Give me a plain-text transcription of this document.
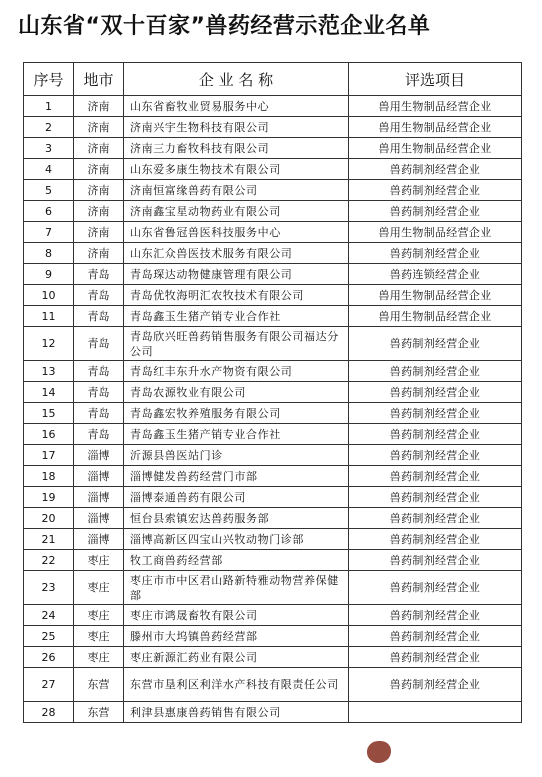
山东省“双十百家”兽药经营示范企业名单
序号	地市	企 业 名 称	评选项目
1	济南	山东省畜牧业贸易服务中心	兽用生物制品经营企业
2	济南	济南兴宇生物科技有限公司	兽用生物制品经营企业
3	济南	济南三力畜牧科技有限公司	兽用生物制品经营企业
4	济南	山东爱多康生物技术有限公司	兽药制剂经营企业
5	济南	济南恒富缘兽药有限公司	兽药制剂经营企业
6	济南	济南鑫宝星动物药业有限公司	兽药制剂经营企业
7	济南	山东省鲁冠兽医科技服务中心	兽用生物制品经营企业
8	济南	山东汇众兽医技术服务有限公司	兽药制剂经营企业
9	青岛	青岛琛达动物健康管理有限公司	兽药连锁经营企业
10	青岛	青岛优牧海明汇农牧技术有限公司	兽用生物制品经营企业
11	青岛	青岛鑫玉生猪产销专业合作社	兽用生物制品经营企业
12	青岛	青岛欣兴旺兽药销售服务有限公司福达分公司	兽药制剂经营企业
13	青岛	青岛红丰东升水产物资有限公司	兽药制剂经营企业
14	青岛	青岛农源牧业有限公司	兽药制剂经营企业
15	青岛	青岛鑫宏牧养殖服务有限公司	兽药制剂经营企业
16	青岛	青岛鑫玉生猪产销专业合作社	兽药制剂经营企业
17	淄博	沂源县兽医站门诊	兽药制剂经营企业
18	淄博	淄博健发兽药经营门市部	兽药制剂经营企业
19	淄博	淄博泰通兽药有限公司	兽药制剂经营企业
20	淄博	恒台县索镇宏达兽药服务部	兽药制剂经营企业
21	淄博	淄博高新区四宝山兴牧动物门诊部	兽药制剂经营企业
22	枣庄	牧工商兽药经营部	兽药制剂经营企业
23	枣庄	枣庄市市中区君山路新特雅动物营养保健部	兽药制剂经营企业
24	枣庄	枣庄市鸿晟畜牧有限公司	兽药制剂经营企业
25	枣庄	滕州市大坞镇兽药经营部	兽药制剂经营企业
26	枣庄	枣庄新源汇药业有限公司	兽药制剂经营企业
27	东营	东营市垦利区利洋水产科技有限责任公司	兽药制剂经营企业
28	东营	利津县惠康兽药销售有限公司	
